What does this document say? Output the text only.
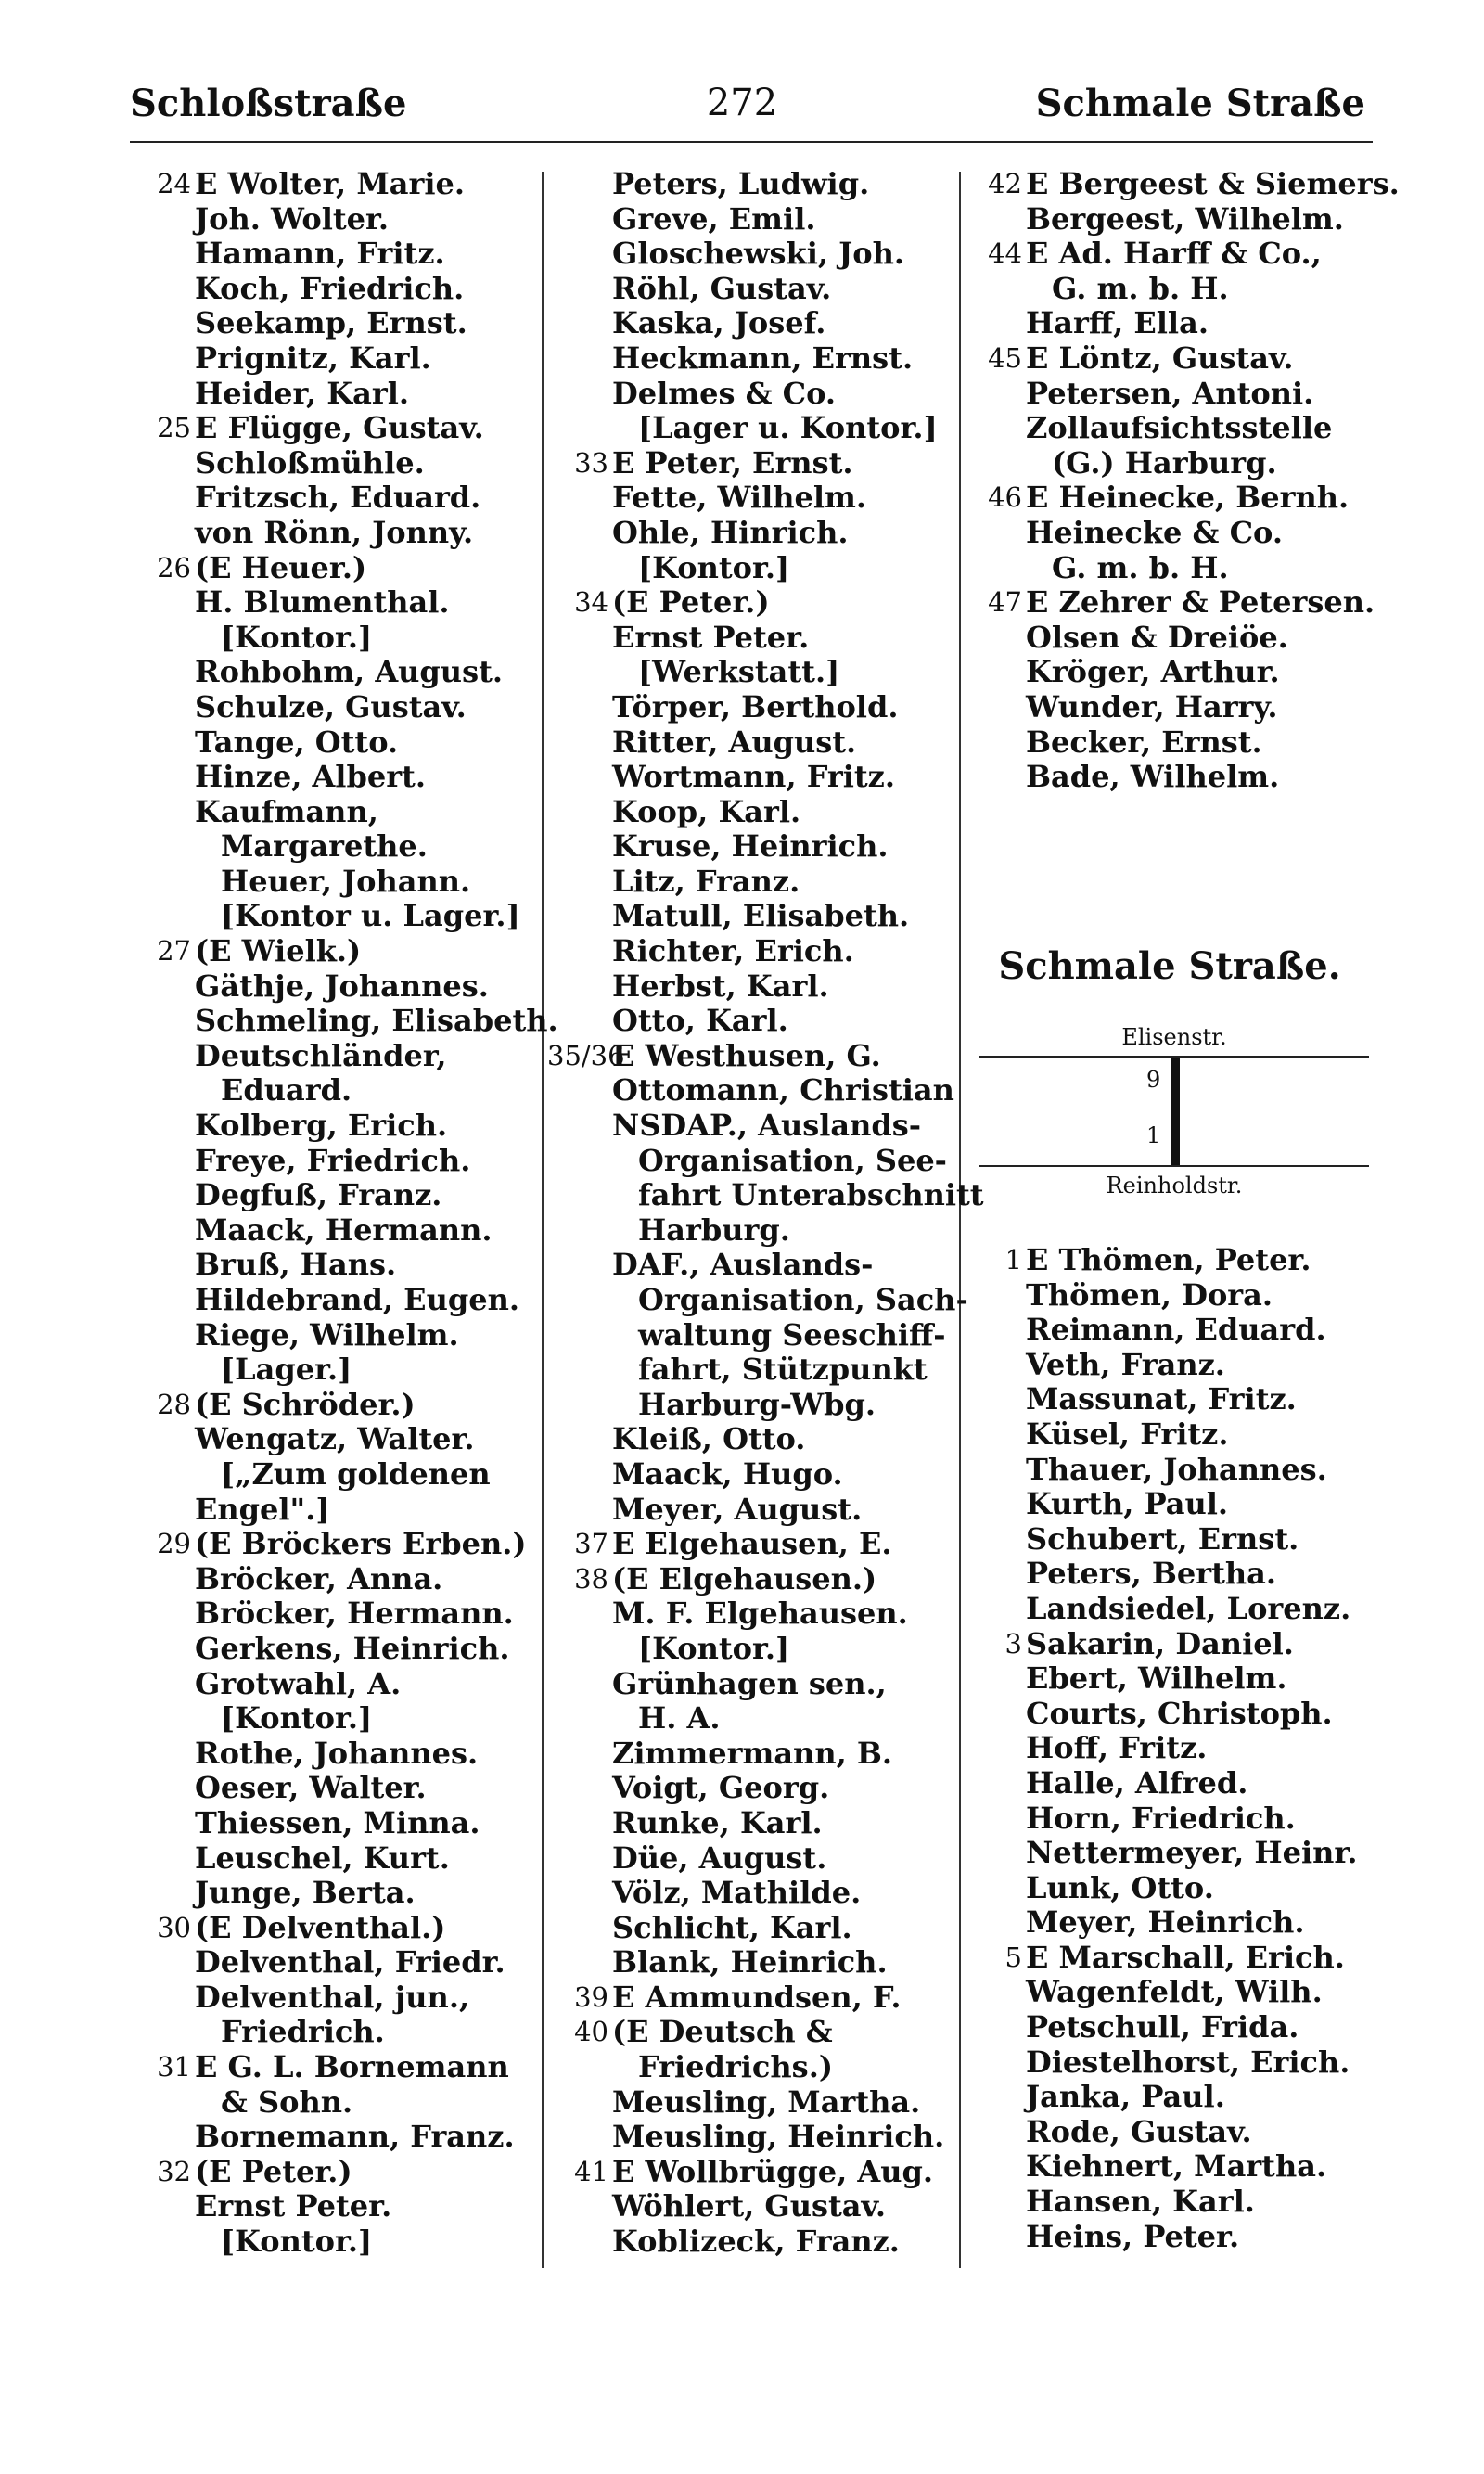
Schloßstraße	272	Schmale Straße
24 E Wolter, Marie.
Joh. Wolter.
Hamann, Fritz.
Koch, Friedrich.
Seekamp, Ernst.
Prignitz, Karl.
Heider, Karl.
25 E Flügge, Gustav.
Schloßmühle.
Fritzsch, Eduard.
von Rönn, Jonny.
26 (E Heuer.)
H. Blumenthal.
[Kontor.]
Rohbohm, August.
Schulze, Gustav.
Tange, Otto.
Hinze, Albert.
Kaufmann,
Margarethe.
Heuer, Johann.
[Kontor u. Lager.]
27 (E Wielk.)
Gäthje, Johannes.
Schmeling, Elisabeth.
Deutschländer,
Eduard.
Kolberg, Erich.
Freye, Friedrich.
Degfuß, Franz.
Maack, Hermann.
Bruß, Hans.
Hildebrand, Eugen.
Riege, Wilhelm.
[Lager.]
28 (E Schröder.)
Wengatz, Walter.
[„Zum goldenen
Engel".]
29 (E Bröckers Erben.)
Bröcker, Anna.
Bröcker, Hermann.
Gerkens, Heinrich.
Grotwahl, A.
[Kontor.]
Rothe, Johannes.
Oeser, Walter.
Thiessen, Minna.
Leuschel, Kurt.
Junge, Berta.
30 (E Delventhal.)
Delventhal, Friedr.
Delventhal, jun.,
Friedrich.
31 E G. L. Bornemann
& Sohn.
Bornemann, Franz.
32 (E Peter.)
Ernst Peter.
[Kontor.]
Peters, Ludwig.
Greve, Emil.
Gloschewski, Joh.
Röhl, Gustav.
Kaska, Josef.
Heckmann, Ernst.
Delmes & Co.
[Lager u. Kontor.]
33 E Peter, Ernst.
Fette, Wilhelm.
Ohle, Hinrich.
[Kontor.]
34 (E Peter.)
Ernst Peter.
[Werkstatt.]
Törper, Berthold.
Ritter, August.
Wortmann, Fritz.
Koop, Karl.
Kruse, Heinrich.
Litz, Franz.
Matull, Elisabeth.
Richter, Erich.
Herbst, Karl.
Otto, Karl.
35/36
E Westhusen, G.
Ottomann, Christian
NSDAP., Auslands-
Organisation, See-
fahrt Unterabschnitt
Harburg.
DAF., Auslands-
Organisation, Sach-
waltung Seeschiff-
fahrt, Stützpunkt
Harburg-Wbg.
Kleiß, Otto.
Maack, Hugo.
Meyer, August.
37 E Elgehausen, E.
38 (E Elgehausen.)
M. F. Elgehausen.
[Kontor.]
Grünhagen sen.,
H. A.
Zimmermann, B.
Voigt, Georg.
Runke, Karl.
Düe, August.
Völz, Mathilde.
Schlicht, Karl.
Blank, Heinrich.
39 E Ammundsen, F.
40 (E Deutsch &
Friedrichs.)
Meusling, Martha.
Meusling, Heinrich.
41 E Wollbrügge, Aug.
Wöhlert, Gustav.
Koblizeck, Franz.
42 E Bergeest & Siemers.
Bergeest, Wilhelm.
44 E Ad. Harff & Co.,
G. m. b. H.
Harff, Ella.
45 E Löntz, Gustav.
Petersen, Antoni.
Zollaufsichtsstelle
(G.) Harburg.
46 E Heinecke, Bernh.
Heinecke & Co.
G. m. b. H.
47 E Zehrer & Petersen.
Olsen & Dreiöe.
Kröger, Arthur.
Wunder, Harry.
Becker, Ernst.
Bade, Wilhelm.
Schmale Straße.
Elisenstr.
9
1
Reinholdstr.
1 E Thömen, Peter.
Thömen, Dora.
Reimann, Eduard.
Veth, Franz.
Massunat, Fritz.
Küsel, Fritz.
Thauer, Johannes.
Kurth, Paul.
Schubert, Ernst.
Peters, Bertha.
Landsiedel, Lorenz.
3 Sakarin, Daniel.
Ebert, Wilhelm.
Courts, Christoph.
Hoff, Fritz.
Halle, Alfred.
Horn, Friedrich.
Nettermeyer, Heinr.
Lunk, Otto.
Meyer, Heinrich.
5 E Marschall, Erich.
Wagenfeldt, Wilh.
Petschull, Frida.
Diestelhorst, Erich.
Janka, Paul.
Rode, Gustav.
Kiehnert, Martha.
Hansen, Karl.
Heins, Peter.
